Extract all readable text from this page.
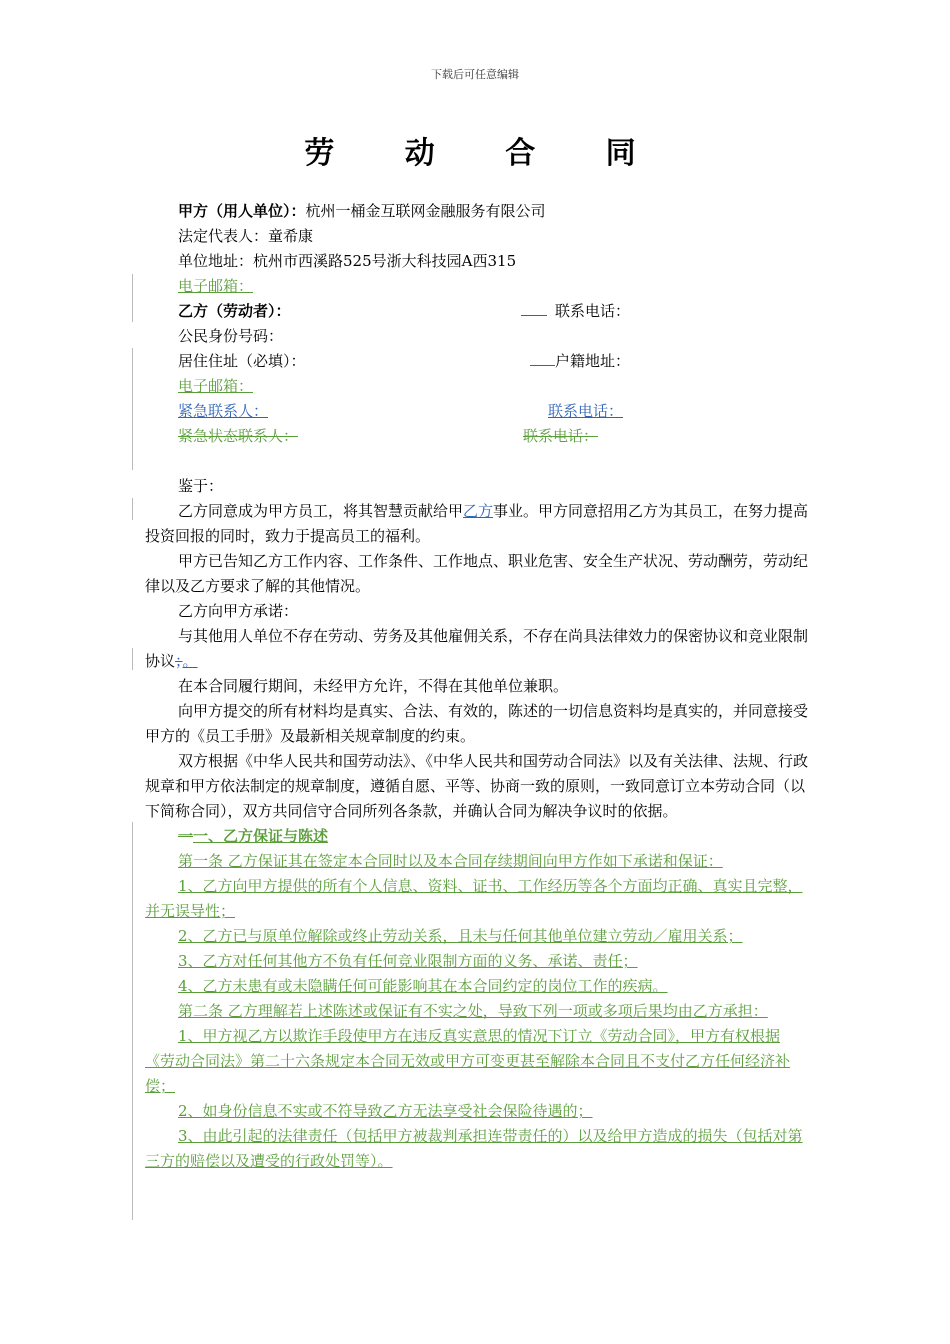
下载后可任意编辑
劳 动 合 同

甲方（用人单位）：杭州一桶金互联网金融服务有限公司

法定代表人：童希康

单位地址：杭州市西溪路525号浙大科技园A西315

电子邮箱：

乙方（劳动者）：	联系电话：

公民身份号码：

居住住址（必填）：	户籍地址：

电子邮箱：

紧急联系人：	联系电话：

紧急状态联系人：	联系电话：

鉴于：

乙方同意成为甲方员工，将其智慧贡献给甲乙方事业。甲方同意招用乙方为其员工，在努力提高投资回报的同时，致力于提高员工的福利。

甲方已告知乙方工作内容、工作条件、工作地点、职业危害、安全生产状况、劳动酬劳，劳动纪律以及乙方要求了解的其他情况。

乙方向甲方承诺：

与其他用人单位不存在劳动、劳务及其他雇佣关系，不存在尚具法律效力的保密协议和竞业限制协议；。

在本合同履行期间，未经甲方允许，不得在其他单位兼职。

向甲方提交的所有材料均是真实、合法、有效的，陈述的一切信息资料均是真实的，并同意接受甲方的《员工手册》及最新相关规章制度的约束。

双方根据《中华人民共和国劳动法》、《中华人民共和国劳动合同法》以及有关法律、法规、行政规章和甲方依法制定的规章制度，遵循自愿、平等、协商一致的原则，一致同意订立本劳动合同（以下简称合同），双方共同信守合同所列各条款，并确认合同为解决争议时的依据。

一一、乙方保证与陈述

第一条 乙方保证其在签定本合同时以及本合同存续期间向甲方作如下承诺和保证：

1、乙方向甲方提供的所有个人信息、资料、证书、工作经历等各个方面均正确、真实且完整，并无误导性；

2、乙方已与原单位解除或终止劳动关系，且未与任何其他单位建立劳动／雇用关系；

3、乙方对任何其他方不负有任何竞业限制方面的义务、承诺、责任；

4、乙方未患有或未隐瞒任何可能影响其在本合同约定的岗位工作的疾病。

第二条 乙方理解若上述陈述或保证有不实之处，导致下列一项或多项后果均由乙方承担：

1、甲方视乙方以欺诈手段使甲方在违反真实意思的情况下订立《劳动合同》，甲方有权根据《劳动合同法》第二十六条规定本合同无效或甲方可变更甚至解除本合同且不支付乙方任何经济补偿；

2、如身份信息不实或不符导致乙方无法享受社会保险待遇的；

3、由此引起的法律责任（包括甲方被裁判承担连带责任的）以及给甲方造成的损失（包括对第三方的赔偿以及遭受的行政处罚等）。
